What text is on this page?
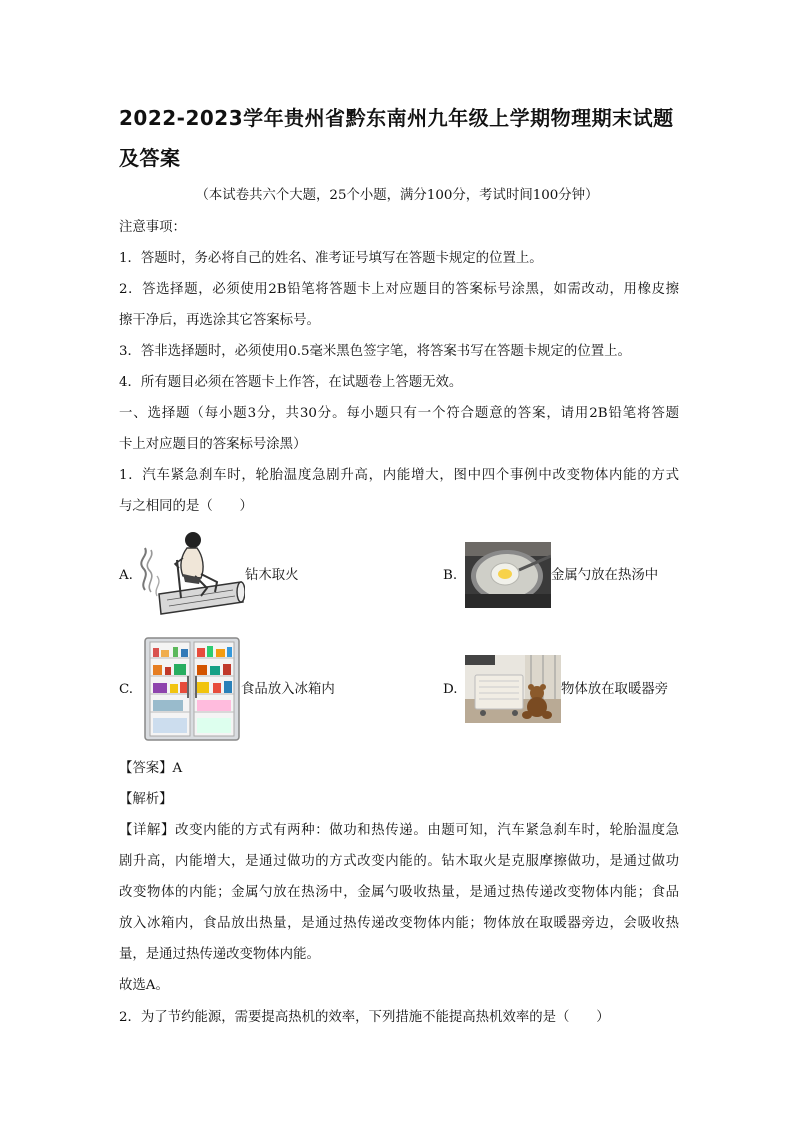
2022-2023学年贵州省黔东南州九年级上学期物理期末试题
及答案
（本试卷共六个大题，25个小题，满分100分，考试时间100分钟）
注意事项：
1．答题时，务必将自己的姓名、准考证号填写在答题卡规定的位置上。
2．答选择题，必须使用2B铅笔将答题卡上对应题目的答案标号涂黑，如需改动，用橡皮擦
擦干净后，再选涂其它答案标号。
3．答非选择题时，必须使用0.5毫米黑色签字笔，将答案书写在答题卡规定的位置上。
4．所有题目必须在答题卡上作答，在试题卷上答题无效。
一、选择题（每小题3分，共30分。每小题只有一个符合题意的答案，请用2B铅笔将答题
卡上对应题目的答案标号涂黑）
1．汽车紧急刹车时，轮胎温度急剧升高，内能增大，图中四个事例中改变物体内能的方式
与之相同的是（　　）
A.	钻木取火	B.	金属勺放在热汤中
C.	食品放入冰箱内	D.	物体放在取暖器旁
【答案】A
【解析】
【详解】改变内能的方式有两种：做功和热传递。由题可知，汽车紧急刹车时，轮胎温度急
剧升高，内能增大，是通过做功的方式改变内能的。钻木取火是克服摩擦做功，是通过做功
改变物体的内能；金属勺放在热汤中，金属勺吸收热量，是通过热传递改变物体内能；食品
放入冰箱内，食品放出热量，是通过热传递改变物体内能；物体放在取暖器旁边，会吸收热
量，是通过热传递改变物体内能。
故选A。
2．为了节约能源，需要提高热机的效率，下列措施不能提高热机效率的是（　　）
